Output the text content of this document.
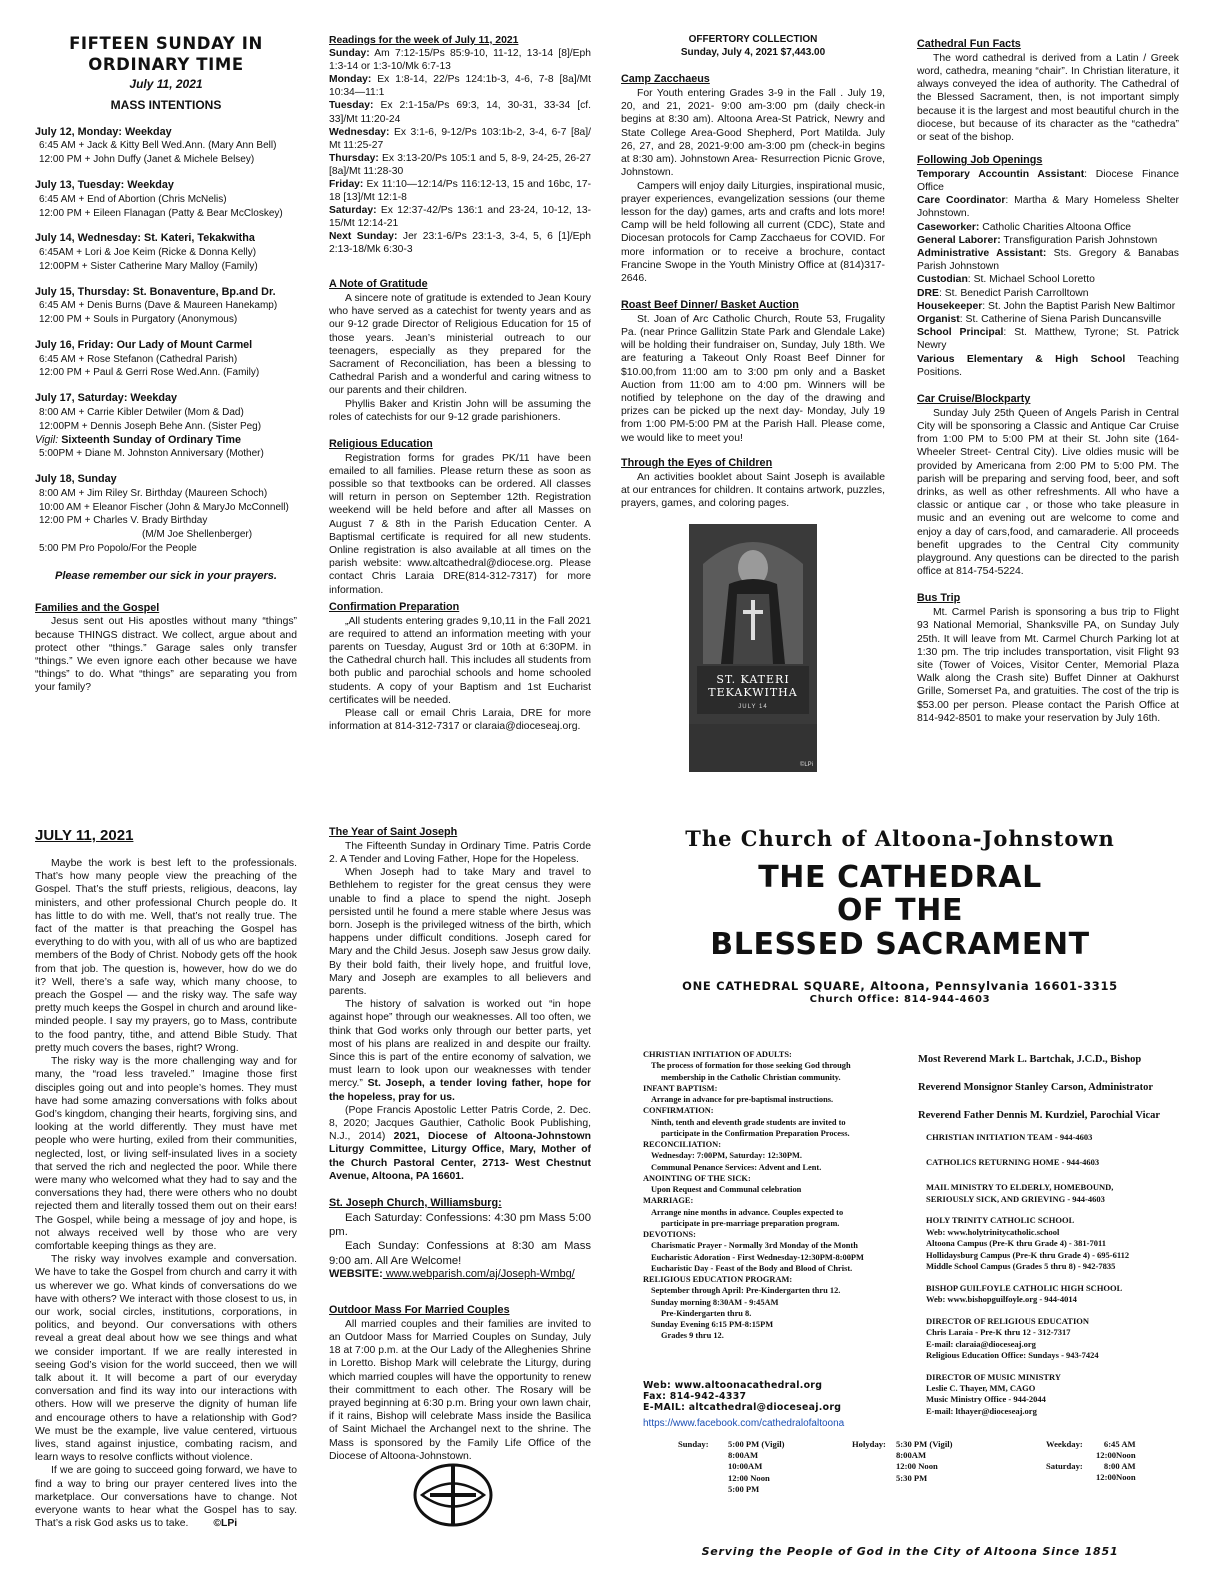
FIFTEEN SUNDAY IN
ORDINARY TIME
July 11, 2021
MASS INTENTIONS
July 12, Monday: Weekday
6:45 AM + Jack & Kitty Bell Wed.Ann. (Mary Ann Bell)
12:00 PM + John Duffy (Janet & Michele Belsey)
July 13, Tuesday: Weekday
6:45 AM + End of Abortion (Chris McNelis)
12:00 PM + Eileen Flanagan (Patty & Bear McCloskey)
July 14, Wednesday: St. Kateri, Tekakwitha
6:45AM + Lori & Joe Keim (Ricke & Donna Kelly)
12:00PM + Sister Catherine Mary Malloy (Family)
July 15, Thursday: St. Bonaventure, Bp.and Dr.
6:45 AM + Denis Burns (Dave & Maureen Hanekamp)
12:00 PM + Souls in Purgatory (Anonymous)
July 16, Friday: Our Lady of Mount Carmel
6:45 AM + Rose Stefanon (Cathedral Parish)
12:00 PM + Paul & Gerri Rose Wed.Ann. (Family)
July 17, Saturday: Weekday
8:00 AM + Carrie Kibler Detwiler (Mom & Dad)
12:00PM + Dennis Joseph Behe Ann. (Sister Peg)
Vigil: Sixteenth Sunday of Ordinary Time
5:00PM + Diane M. Johnston Anniversary (Mother)
July 18, Sunday
8:00 AM + Jim Riley Sr. Birthday (Maureen Schoch)
10:00 AM + Eleanor Fischer (John & MaryJo McConnell)
12:00 PM + Charles V. Brady Birthday
(M/M Joe Shellenberger)
5:00 PM Pro Popolo/For the People
Please remember our sick in your prayers.
Families and the Gospel

Jesus sent out His apostles without many “things” because THINGS distract. We collect, argue about and protect other “things.” Garage sales only transfer “things.” We even ignore each other because we have “things” to do. What “things” are separating you from your family?

Readings for the week of July 11, 2021

Sunday: Am 7:12-15/Ps 85:9-10, 11-12, 13-14 [8]/Eph 1:3-14 or 1:3-10/Mk 6:7-13

Monday: Ex 1:8-14, 22/Ps 124:1b-3, 4-6, 7-8 [8a]/Mt 10:34—11:1

Tuesday: Ex 2:1-15a/Ps 69:3, 14, 30-31, 33-34 [cf. 33]/Mt 11:20-24

Wednesday: Ex 3:1-6, 9-12/Ps 103:1b-2, 3-4, 6-7 [8a]/ Mt 11:25-27

Thursday: Ex 3:13-20/Ps 105:1 and 5, 8-9, 24-25, 26-27 [8a]/Mt 11:28-30

Friday: Ex 11:10—12:14/Ps 116:12-13, 15 and 16bc, 17-18 [13]/Mt 12:1-8

Saturday: Ex 12:37-42/Ps 136:1 and 23-24, 10-12, 13-15/Mt 12:14-21

Next Sunday: Jer 23:1-6/Ps 23:1-3, 3-4, 5, 6 [1]/Eph 2:13-18/Mk 6:30-3

A Note of Gratitude

A sincere note of gratitude is extended to Jean Koury who have served as a catechist for twenty years and as our 9-12 grade Director of Religious Education for 15 of those years. Jean’s ministerial outreach to our teenagers, especially as they prepared for the Sacrament of Reconciliation, has been a blessing to Cathedral Parish and a wonderful and caring witness to our parents and their children.

Phyllis Baker and Kristin John will be assuming the roles of catechists for our 9-12 grade parishioners.

Religious Education

Registration forms for grades PK/11 have been emailed to all families. Please return these as soon as possible so that textbooks can be ordered. All classes will return in person on September 12th. Registration weekend will be held before and after all Masses on August 7 & 8th in the Parish Education Center. A Baptismal certificate is required for all new students. Online registration is also available at all times on the parish website: www.altcathedral@diocese.org. Please contact Chris Laraia DRE(814-312-7317) for more information.

Confirmation Preparation

„All students entering grades 9,10,11 in the Fall 2021 are required to attend an information meeting with your parents on Tuesday, August 3rd or 10th at 6:30PM. in the Cathedral church hall. This includes all students from both public and parochial schools and home schooled students. A copy of your Baptism and 1st Eucharist certificates will be needed.

Please call or email Chris Laraia, DRE for more information at 814-312-7317 or claraia@dioceseaj.org.

OFFERTORY COLLECTION
Sunday, July 4, 2021 $7,443.00
Camp Zacchaeus

For Youth entering Grades 3-9 in the Fall . July 19, 20, and 21, 2021- 9:00 am-3:00 pm (daily check-in begins at 8:30 am). Altoona Area-St Patrick, Newry and State College Area-Good Shepherd, Port Matilda. July 26, 27, and 28, 2021-9:00 am-3:00 pm (check-in begins at 8:30 am). Johnstown Area- Resurrection Picnic Grove, Johnstown.

Campers will enjoy daily Liturgies, inspirational music, prayer experiences, evangelization sessions (our theme lesson for the day) games, arts and crafts and lots more! Camp will be held following all current (CDC), State and Diocesan protocols for Camp Zacchaeus for COVID. For more information or to receive a brochure, contact Francine Swope in the Youth Ministry Office at (814)317-2646.

Roast Beef Dinner/ Basket Auction

St. Joan of Arc Catholic Church, Route 53, Frugality Pa. (near Prince Gallitzin State Park and Glendale Lake) will be holding their fundraiser on, Sunday, July 18th. We are featuring a Takeout Only Roast Beef Dinner for $10.00,from 11:00 am to 3:00 pm only and a Basket Auction from 11:00 am to 4:00 pm. Winners will be notified by telephone on the day of the drawing and prizes can be picked up the next day- Monday, July 19 from 1:00 PM-5:00 PM at the Parish Hall. Please come, we would like to meet you!

Through the Eyes of Children

An activities booklet about Saint Joseph is available at our entrances for children. It contains artwork, puzzles, prayers, games, and coloring pages.

ST. KATERI
TEKAKWITHA
JULY 14
©LPi
Cathedral Fun Facts

The word cathedral is derived from a Latin / Greek word, cathedra, meaning “chair”. In Christian literature, it always conveyed the idea of authority. The Cathedral of the Blessed Sacrament, then, is not important simply because it is the largest and most beautiful church in the diocese, but because of its character as the “cathedra” or seat of the bishop.

Following Job Openings

Temporary Accountin Assistant: Diocese Finance Office

Care Coordinator: Martha & Mary Homeless Shelter Johnstown.

Caseworker: Catholic Charities Altoona Office

General Laborer: Transfiguration Parish Johnstown

Administrative Assistant: Sts. Gregory & Banabas Parish Johnstown

Custodian: St. Michael School Loretto

DRE: St. Benedict Parish Carrolltown

Housekeeper: St. John the Baptist Parish New Baltimor

Organist: St. Catherine of Siena Parish Duncansville

School Principal: St. Matthew, Tyrone; St. Patrick Newry

Various Elementary & High School Teaching Positions.

Car Cruise/Blockparty

Sunday July 25th Queen of Angels Parish in Central City will be sponsoring a Classic and Antique Car Cruise from 1:00 PM to 5:00 PM at their St. John site (164-Wheeler Street- Central City). Live oldies music will be provided by Americana from 2:00 PM to 5:00 PM. The parish will be preparing and serving food, beer, and soft drinks, as well as other refreshments. All who have a classic or antique car , or those who take pleasure in music and an evening out are welcome to come and enjoy a day of cars,food, and camaraderie. All proceeds benefit upgrades to the Central City community playground. Any questions can be directed to the parish office at 814-754-5224.

Bus Trip

Mt. Carmel Parish is sponsoring a bus trip to Flight 93 National Memorial, Shanksville PA, on Sunday July 25th. It will leave from Mt. Carmel Church Parking lot at 1:30 pm. The trip includes transportation, visit Flight 93 site (Tower of Voices, Visitor Center, Memorial Plaza Walk along the Crash site) Buffet Dinner at Oakhurst Grille, Somerset Pa, and gratuities. The cost of the trip is $53.00 per person. Please contact the Parish Office at 814-942-8501 to make your reservation by July 16th.

JULY 11, 2021

Maybe the work is best left to the professionals. That’s how many people view the preaching of the Gospel. That’s the stuff priests, religious, deacons, lay ministers, and other professional Church people do. It has little to do with me. Well, that’s not really true. The fact of the matter is that preaching the Gospel has everything to do with you, with all of us who are baptized members of the Body of Christ. Nobody gets off the hook from that job. The question is, however, how do we do it? Well, there’s a safe way, which many choose, to preach the Gospel — and the risky way. The safe way pretty much keeps the Gospel in church and around like-minded people. I say my prayers, go to Mass, contribute to the food pantry, tithe, and attend Bible Study. That pretty much covers the bases, right? Wrong.

The risky way is the more challenging way and for many, the “road less traveled.” Imagine those first disciples going out and into people’s homes. They must have had some amazing conversations with folks about God’s kingdom, changing their hearts, forgiving sins, and looking at the world differently. They must have met people who were hurting, exiled from their communities, neglected, lost, or living self-insulated lives in a society that served the rich and neglected the poor. While there were many who welcomed what they had to say and the conversations they had, there were others who no doubt rejected them and literally tossed them out on their ears! The Gospel, while being a message of joy and hope, is not always received well by those who are very comfortable keeping things as they are.

The risky way involves example and conversation. We have to take the Gospel from church and carry it with us wherever we go. What kinds of conversations do we have with others? We interact with those closest to us, in our work, social circles, institutions, corporations, in politics, and beyond. Our conversations with others reveal a great deal about how we see things and what we consider important. If we are really interested in seeing God’s vision for the world succeed, then we will talk about it. It will become a part of our everyday conversation and find its way into our interactions with others. How will we preserve the dignity of human life and encourage others to have a relationship with God? We must be the example, live value centered, virtuous lives, stand against injustice, combating racism, and learn ways to resolve conflicts without violence.

If we are going to succeed going forward, we have to find a way to bring our prayer centered lives into the marketplace. Our conversations have to change. Not everyone wants to hear what the Gospel has to say. That’s a risk God asks us to take. ©LPi

The Year of Saint Joseph

The Fifteenth Sunday in Ordinary Time. Patris Corde 2. A Tender and Loving Father, Hope for the Hopeless.

When Joseph had to take Mary and travel to Bethlehem to register for the great census they were unable to find a place to spend the night. Joseph persisted until he found a mere stable where Jesus was born. Joseph is the privileged witness of the birth, which happens under difficult conditions. Joseph cared for Mary and the Child Jesus. Joseph saw Jesus grow daily. By their bold faith, their lively hope, and fruitful love, Mary and Joseph are examples to all believers and parents.

The history of salvation is worked out “in hope against hope” through our weaknesses. All too often, we think that God works only through our better parts, yet most of his plans are realized in and despite our frailty. Since this is part of the entire economy of salvation, we must learn to look upon our weaknesses with tender mercy.” St. Joseph, a tender loving father, hope for the hopeless, pray for us.

(Pope Francis Apostolic Letter Patris Corde, 2. Dec. 8, 2020; Jacques Gauthier, Catholic Book Publishing, N.J., 2014) 2021, Diocese of Altoona-Johnstown Liturgy Committee, Liturgy Office, Mary, Mother of the Church Pastoral Center, 2713- West Chestnut Avenue, Altoona, PA 16601.

St. Joseph Church, Williamsburg:

Each Saturday: Confessions: 4:30 pm Mass 5:00 pm.

Each Sunday: Confessions at 8:30 am Mass 9:00 am. All Are Welcome!

WEBSITE: www.webparish.com/aj/Joseph-Wmbg/

Outdoor Mass For Married Couples

All married couples and their families are invited to an Outdoor Mass for Married Couples on Sunday, July 18 at 7:00 p.m. at the Our Lady of the Alleghenies Shrine in Loretto. Bishop Mark will celebrate the Liturgy, during which married couples will have the opportunity to renew their committment to each other. The Rosary will be prayed beginning at 6:30 p.m. Bring your own lawn chair, if it rains, Bishop will celebrate Mass inside the Basilica of Saint Michael the Archangel next to the shrine. The Mass is sponsored by the Family Life Office of the Diocese of Altoona-Johnstown.

The Church of Altoona-Johnstown
THE CATHEDRAL
OF THE
BLESSED SACRAMENT
ONE CATHEDRAL SQUARE, Altoona, Pennsylvania 16601-3315
Church Office: 814-944-4603
CHRISTIAN INITIATION OF ADULTS:
The process of formation for those seeking God through
membership in the Catholic Christian community.
INFANT BAPTISM:
Arrange in advance for pre-baptismal instructions.
CONFIRMATION:
Ninth, tenth and eleventh grade students are invited to
participate in the Confirmation Preparation Process.
RECONCILIATION:
Wednesday: 7:00PM, Saturday: 12:30PM.
Communal Penance Services: Advent and Lent.
ANOINTING OF THE SICK:
Upon Request and Communal celebration
MARRIAGE:
Arrange nine months in advance. Couples expected to
participate in pre-marriage preparation program.
DEVOTIONS:
Charismatic Prayer - Normally 3rd Monday of the Month
Eucharistic Adoration - First Wednesday-12:30PM-8:00PM
Eucharistic Day - Feast of the Body and Blood of Christ.
RELIGIOUS EDUCATION PROGRAM:
September through April: Pre-Kindergarten thru 12.
Sunday morning 8:30AM - 9:45AM
Pre-Kindergarten thru 8.
Sunday Evening 6:15 PM-8:15PM
Grades 9 thru 12.
Web: www.altoonacathedral.org
Fax: 814-942-4337
E-MAIL: altcathedral@dioceseaj.org
https://www.facebook.com/cathedralofaltoona
Most Reverend Mark L. Bartchak, J.C.D., Bishop
Reverend Monsignor Stanley Carson, Administrator
Reverend Father Dennis M. Kurdziel, Parochial Vicar
CHRISTIAN INITIATION TEAM - 944-4603
CATHOLICS RETURNING HOME - 944-4603
MAIL MINISTRY TO ELDERLY, HOMEBOUND,
SERIOUSLY SICK, AND GRIEVING - 944-4603
HOLY TRINITY CATHOLIC SCHOOL
Web: www.holytrinitycatholic.school
Altoona Campus (Pre-K thru Grade 4) - 381-7011
Hollidaysburg Campus (Pre-K thru Grade 4) - 695-6112
Middle School Campus (Grades 5 thru 8) - 942-7835
BISHOP GUILFOYLE CATHOLIC HIGH SCHOOL
Web: www.bishopguilfoyle.org - 944-4014
DIRECTOR OF RELIGIOUS EDUCATION
Chris Laraia - Pre-K thru 12 - 312-7317
E-mail: claraia@dioceseaj.org
Religious Education Office: Sundays - 943-7424
DIRECTOR OF MUSIC MINISTRY
Leslie C. Thayer, MM, CAGO
Music Ministry Office - 944-2044
E-mail: lthayer@dioceseaj.org
Sunday: 5:00 PM (Vigil)
8:00AM
10:00AM
12:00 Noon
5:00 PM
Holyday: 5:30 PM (Vigil)
8:00AM
12:00 Noon
5:30 PM
Weekday:	6:45 AM
12:00Noon
Saturday:	8:00 AM
12:00Noon
Serving the People of God in the City of Altoona Since 1851
